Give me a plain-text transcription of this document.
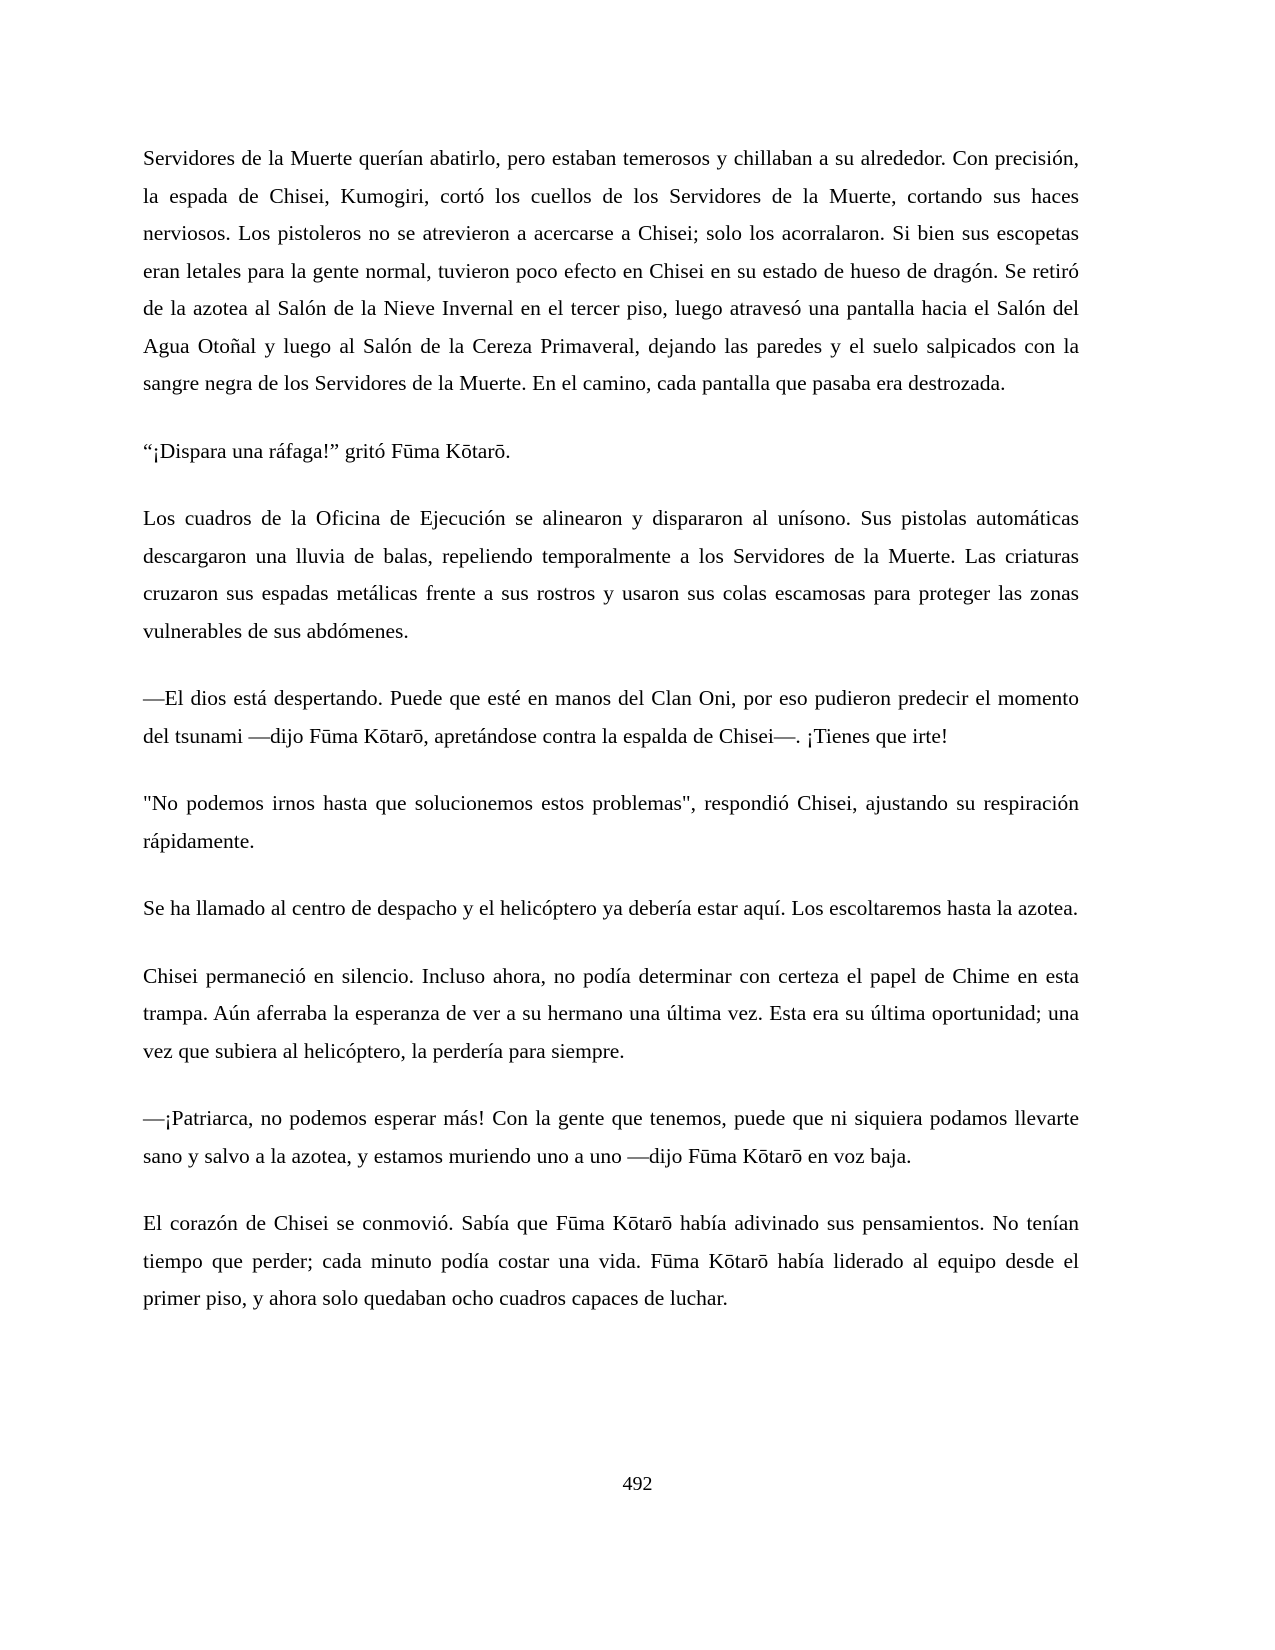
Servidores de la Muerte querían abatirlo, pero estaban temerosos y chillaban a su alrededor. Con precisión, la espada de Chisei, Kumogiri, cortó los cuellos de los Servidores de la Muerte, cortando sus haces nerviosos. Los pistoleros no se atrevieron a acercarse a Chisei; solo los acorralaron. Si bien sus escopetas eran letales para la gente normal, tuvieron poco efecto en Chisei en su estado de hueso de dragón. Se retiró de la azotea al Salón de la Nieve Invernal en el tercer piso, luego atravesó una pantalla hacia el Salón del Agua Otoñal y luego al Salón de la Cereza Primaveral, dejando las paredes y el suelo salpicados con la sangre negra de los Servidores de la Muerte. En el camino, cada pantalla que pasaba era destrozada.

“¡Dispara una ráfaga!” gritó Fūma Kōtarō.

Los cuadros de la Oficina de Ejecución se alinearon y dispararon al unísono. Sus pistolas automáticas descargaron una lluvia de balas, repeliendo temporalmente a los Servidores de la Muerte. Las criaturas cruzaron sus espadas metálicas frente a sus rostros y usaron sus colas escamosas para proteger las zonas vulnerables de sus abdómenes.

—El dios está despertando. Puede que esté en manos del Clan Oni, por eso pudieron predecir el momento del tsunami —dijo Fūma Kōtarō, apretándose contra la espalda de Chisei—. ¡Tienes que irte!

"No podemos irnos hasta que solucionemos estos problemas", respondió Chisei, ajustando su respiración rápidamente.

Se ha llamado al centro de despacho y el helicóptero ya debería estar aquí. Los escoltaremos hasta la azotea.

Chisei permaneció en silencio. Incluso ahora, no podía determinar con certeza el papel de Chime en esta trampa. Aún aferraba la esperanza de ver a su hermano una última vez. Esta era su última oportunidad; una vez que subiera al helicóptero, la perdería para siempre.

—¡Patriarca, no podemos esperar más! Con la gente que tenemos, puede que ni siquiera podamos llevarte sano y salvo a la azotea, y estamos muriendo uno a uno —dijo Fūma Kōtarō en voz baja.

El corazón de Chisei se conmovió. Sabía que Fūma Kōtarō había adivinado sus pensamientos. No tenían tiempo que perder; cada minuto podía costar una vida. Fūma Kōtarō había liderado al equipo desde el primer piso, y ahora solo quedaban ocho cuadros capaces de luchar.

492
